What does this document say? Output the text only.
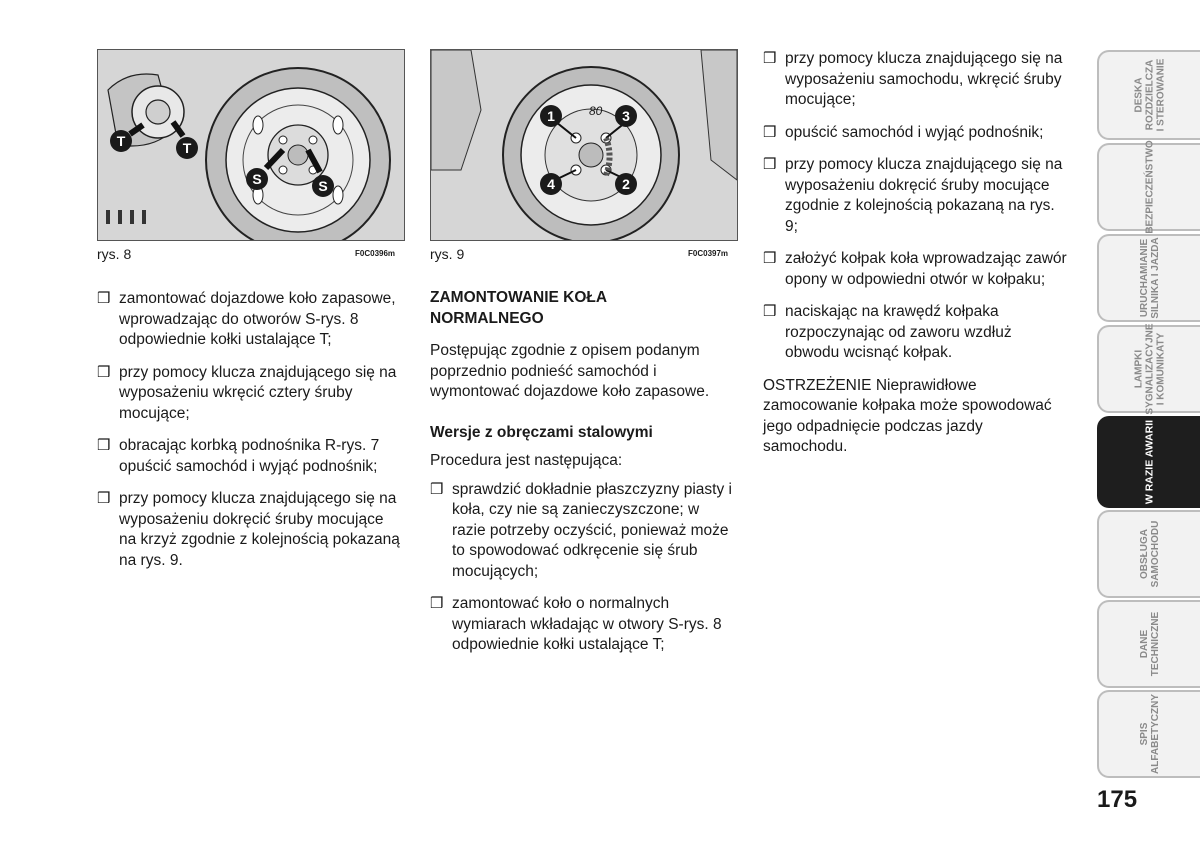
T	T
S	S
rys. 8	F0C0396m
80
1
2
3
4
rys. 9	F0C0397m
❒ zamontować dojazdowe koło zapasowe, wprowadzając do otworów S-rys. 8 odpowiednie kołki ustalające T;
❒ przy pomocy klucza znajdującego się na wyposażeniu wkręcić cztery śruby mocujące;
❒ obracając korbką podnośnika R-rys. 7 opuścić samochód i wyjąć podnośnik;
❒ przy pomocy klucza znajdującego się na wyposażeniu dokręcić śruby mocujące na krzyż zgodnie z kolejnością pokazaną na rys. 9.
ZAMONTOWANIE KOŁA NORMALNEGO
Postępując zgodnie z opisem podanym poprzednio podnieść samochód i wymontować dojazdowe koło zapasowe.
Wersje z obręczami stalowymi
Procedura jest następująca:
❒ sprawdzić dokładnie płaszczyzny piasty i koła, czy nie są zanieczyszczone; w razie potrzeby oczyścić, ponieważ może to spowodować odkręcenie się śrub mocujących;
❒ zamontować koło o normalnych wymiarach wkładając w otwory S-rys. 8 odpowiednie kołki ustalające T;
❒ przy pomocy klucza znajdującego się na wyposażeniu samochodu, wkręcić śruby mocujące;
❒ opuścić samochód i wyjąć podnośnik;
❒ przy pomocy klucza znajdującego się na wyposażeniu dokręcić śruby mocujące zgodnie z kolejnością pokazaną na rys. 9;
❒ założyć kołpak koła wprowadzając zawór opony w odpowiedni otwór w kołpaku;
❒ naciskając na krawędź kołpaka rozpoczynając od zaworu wzdłuż obwodu wcisnąć kołpak.
OSTRZEŻENIE Nieprawidłowe zamocowanie kołpaka może spowodować jego odpadnięcie podczas jazdy samochodu.
DESKA
ROZDZIELCZA
I STEROWANIE
BEZPIECZEŃSTWO
URUCHAMIANIE
SILNIKA I JAZDA
LAMPKI
SYGNALIZACYJNE
I KOMUNIKATY
W RAZIE AWARII
OBSŁUGA
SAMOCHODU
DANE
TECHNICZNE
SPIS
ALFABETYCZNY
175
